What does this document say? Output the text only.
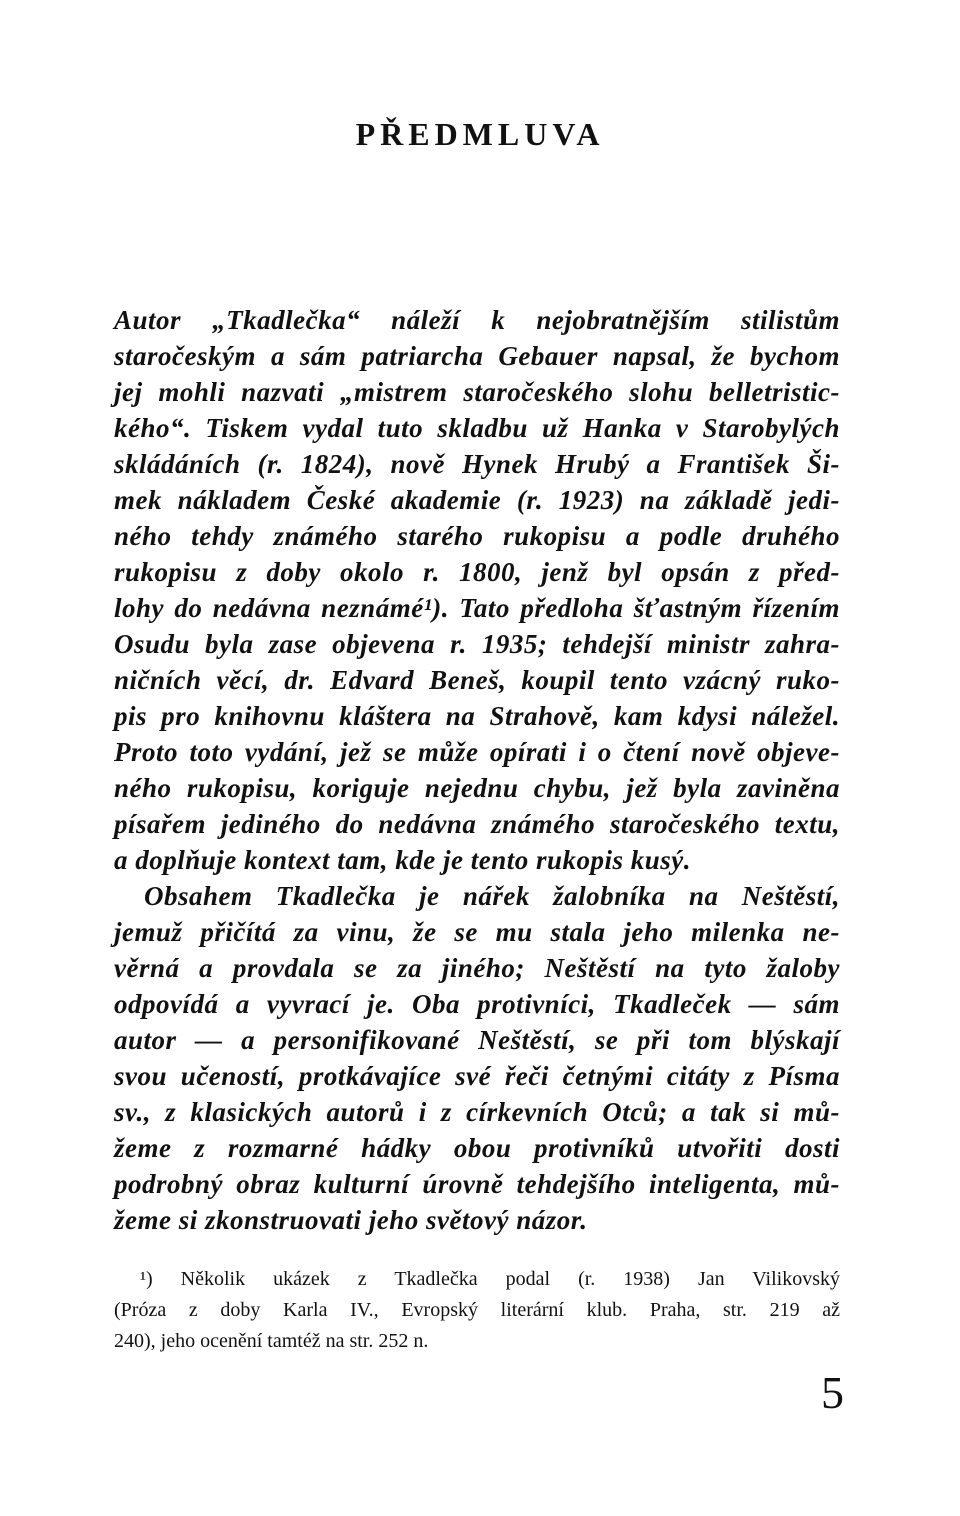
PŘEDMLUVA
Autor „Tkadlečka“ náleží k nejobratnějším stilistům
staročeským a sám patriarcha Gebauer napsal, že bychom
jej mohli nazvati „mistrem staročeského slohu belletristic-
kého“. Tiskem vydal tuto skladbu už Hanka v Starobylých
skládáních (r. 1824), nově Hynek Hrubý a František Ši-
mek nákladem České akademie (r. 1923) na základě jedi-
ného tehdy známého starého rukopisu a podle druhého
rukopisu z doby okolo r. 1800, jenž byl opsán z před-
lohy do nedávna neznámé¹). Tato předloha šťastným řízením
Osudu byla zase objevena r. 1935; tehdejší ministr zahra-
ničních věcí, dr. Edvard Beneš, koupil tento vzácný ruko-
pis pro knihovnu kláštera na Strahově, kam kdysi náležel.
Proto toto vydání, jež se může opírati i o čtení nově objeve-
ného rukopisu, koriguje nejednu chybu, jež byla zaviněna
písařem jediného do nedávna známého staročeského textu,
a doplňuje kontext tam, kde je tento rukopis kusý.
Obsahem Tkadlečka je nářek žalobníka na Neštěstí,
jemuž přičítá za vinu, že se mu stala jeho milenka ne-
věrná a provdala se za jiného; Neštěstí na tyto žaloby
odpovídá a vyvrací je. Oba protivníci, Tkadleček — sám
autor — a personifikované Neštěstí, se při tom blýskají
svou učeností, protkávajíce své řeči četnými citáty z Písma
sv., z klasických autorů i z církevních Otců; a tak si mů-
žeme z rozmarné hádky obou protivníků utvořiti dosti
podrobný obraz kulturní úrovně tehdejšího inteligenta, mů-
žeme si zkonstruovati jeho světový názor.
¹) Několik ukázek z Tkadlečka podal (r. 1938) Jan Vilikovský
(Próza z doby Karla IV., Evropský literární klub. Praha, str. 219 až
240), jeho ocenění tamtéž na str. 252 n.
5
